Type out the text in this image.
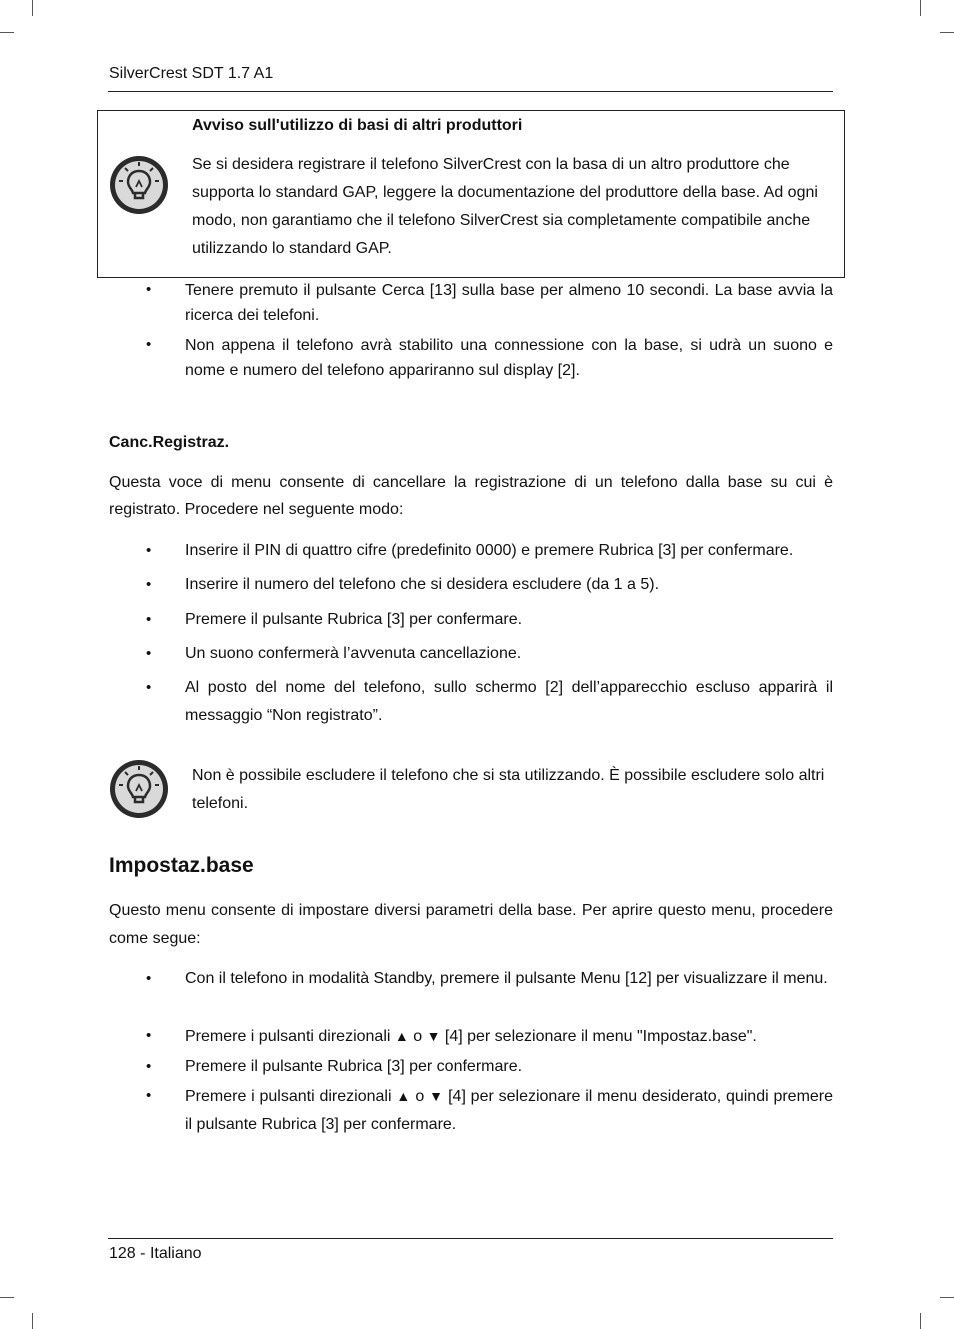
SilverCrest SDT 1.7 A1
Avviso sull'utilizzo di basi di altri produttori
Se si desidera registrare il telefono SilverCrest con la basa di un altro produttore che supporta lo standard GAP, leggere la documentazione del produttore della base. Ad ogni modo, non garantiamo che il telefono SilverCrest sia completamente compatibile anche utilizzando lo standard GAP.
• Tenere premuto il pulsante Cerca [13] sulla base per almeno 10 secondi. La base avvia la ricerca dei telefoni.
• Non appena il telefono avrà stabilito una connessione con la base, si udrà un suono e nome e numero del telefono appariranno sul display [2].
Canc.Registraz.
Questa voce di menu consente di cancellare la registrazione di un telefono dalla base su cui è registrato. Procedere nel seguente modo:
• Inserire il PIN di quattro cifre (predefinito 0000) e premere Rubrica [3] per confermare.
• Inserire il numero del telefono che si desidera escludere (da 1 a 5).
• Premere il pulsante Rubrica [3] per confermare.
• Un suono confermerà l’avvenuta cancellazione.
• Al posto del nome del telefono, sullo schermo [2] dell’apparecchio escluso apparirà il messaggio “Non registrato”.
Non è possibile escludere il telefono che si sta utilizzando. È possibile escludere solo altri telefoni.
Impostaz.base
Questo menu consente di impostare diversi parametri della base. Per aprire questo menu, procedere come segue:
• Con il telefono in modalità Standby, premere il pulsante Menu [12] per visualizzare il menu.
• Premere i pulsanti direzionali ▲ o ▼ [4] per selezionare il menu "Impostaz.base".
• Premere il pulsante Rubrica [3] per confermare.
• Premere i pulsanti direzionali ▲ o ▼ [4] per selezionare il menu desiderato, quindi premere il pulsante Rubrica [3] per confermare.
128 - Italiano
